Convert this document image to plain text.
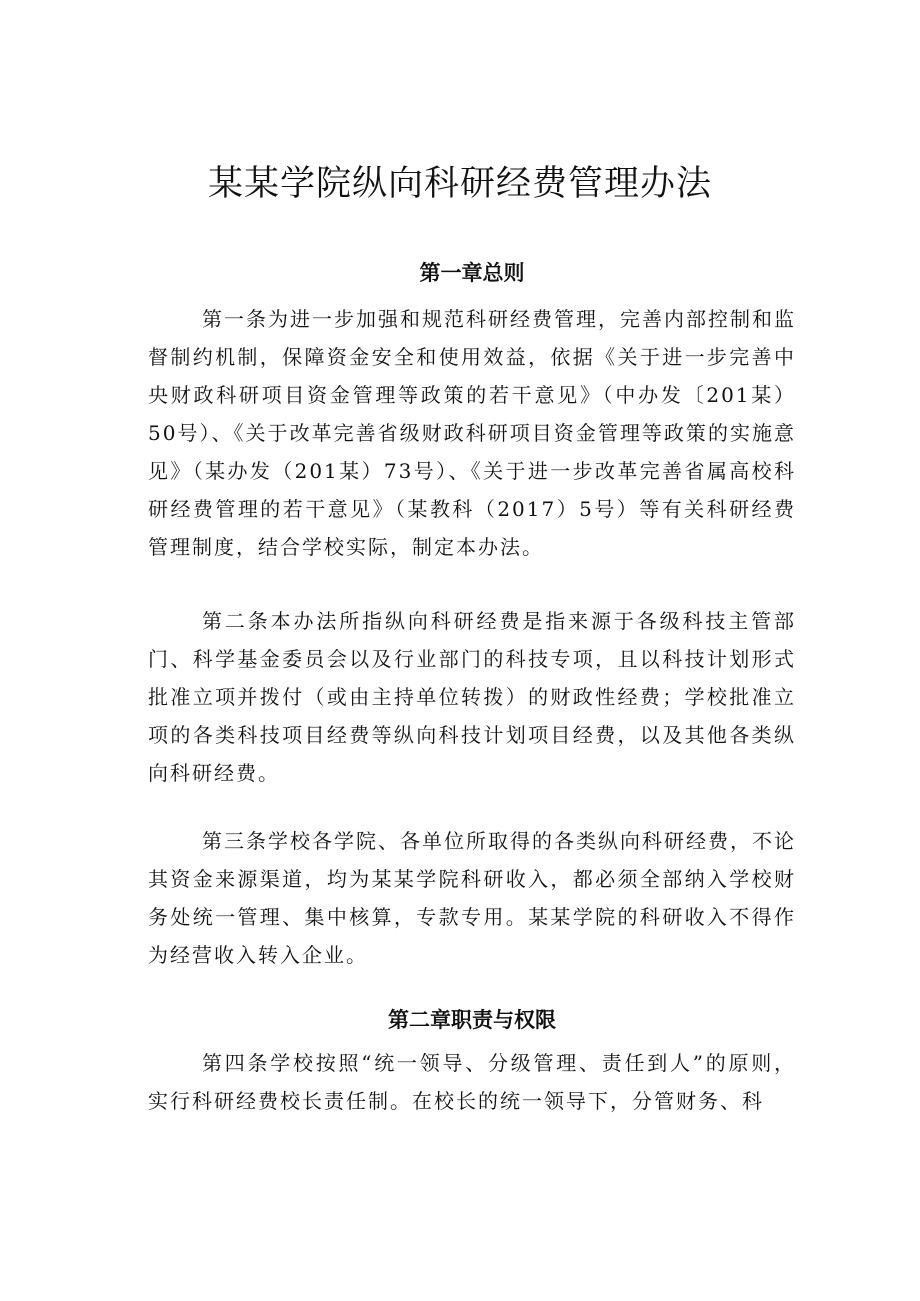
某某学院纵向科研经费管理办法
第一章总则

第一条为进一步加强和规范科研经费管理，完善内部控制和监督制约机制，保障资金安全和使用效益，依据《关于进一步完善中央财政科研项目资金管理等政策的若干意见》（中办发〔201某）50号）、《关于改革完善省级财政科研项目资金管理等政策的实施意见》（某办发（201某）73号）、《关于进一步改革完善省属高校科研经费管理的若干意见》（某教科（2017）5号）等有关科研经费管理制度，结合学校实际，制定本办法。

第二条本办法所指纵向科研经费是指来源于各级科技主管部门、科学基金委员会以及行业部门的科技专项，且以科技计划形式批准立项并拨付（或由主持单位转拨）的财政性经费；学校批准立项的各类科技项目经费等纵向科技计划项目经费，以及其他各类纵向科研经费。

第三条学校各学院、各单位所取得的各类纵向科研经费，不论其资金来源渠道，均为某某学院科研收入，都必须全部纳入学校财务处统一管理、集中核算，专款专用。某某学院的科研收入不得作为经营收入转入企业。

第二章职责与权限

第四条学校按照“统一领导、分级管理、责任到人”的原则，实行科研经费校长责任制。在校长的统一领导下，分管财务、科
